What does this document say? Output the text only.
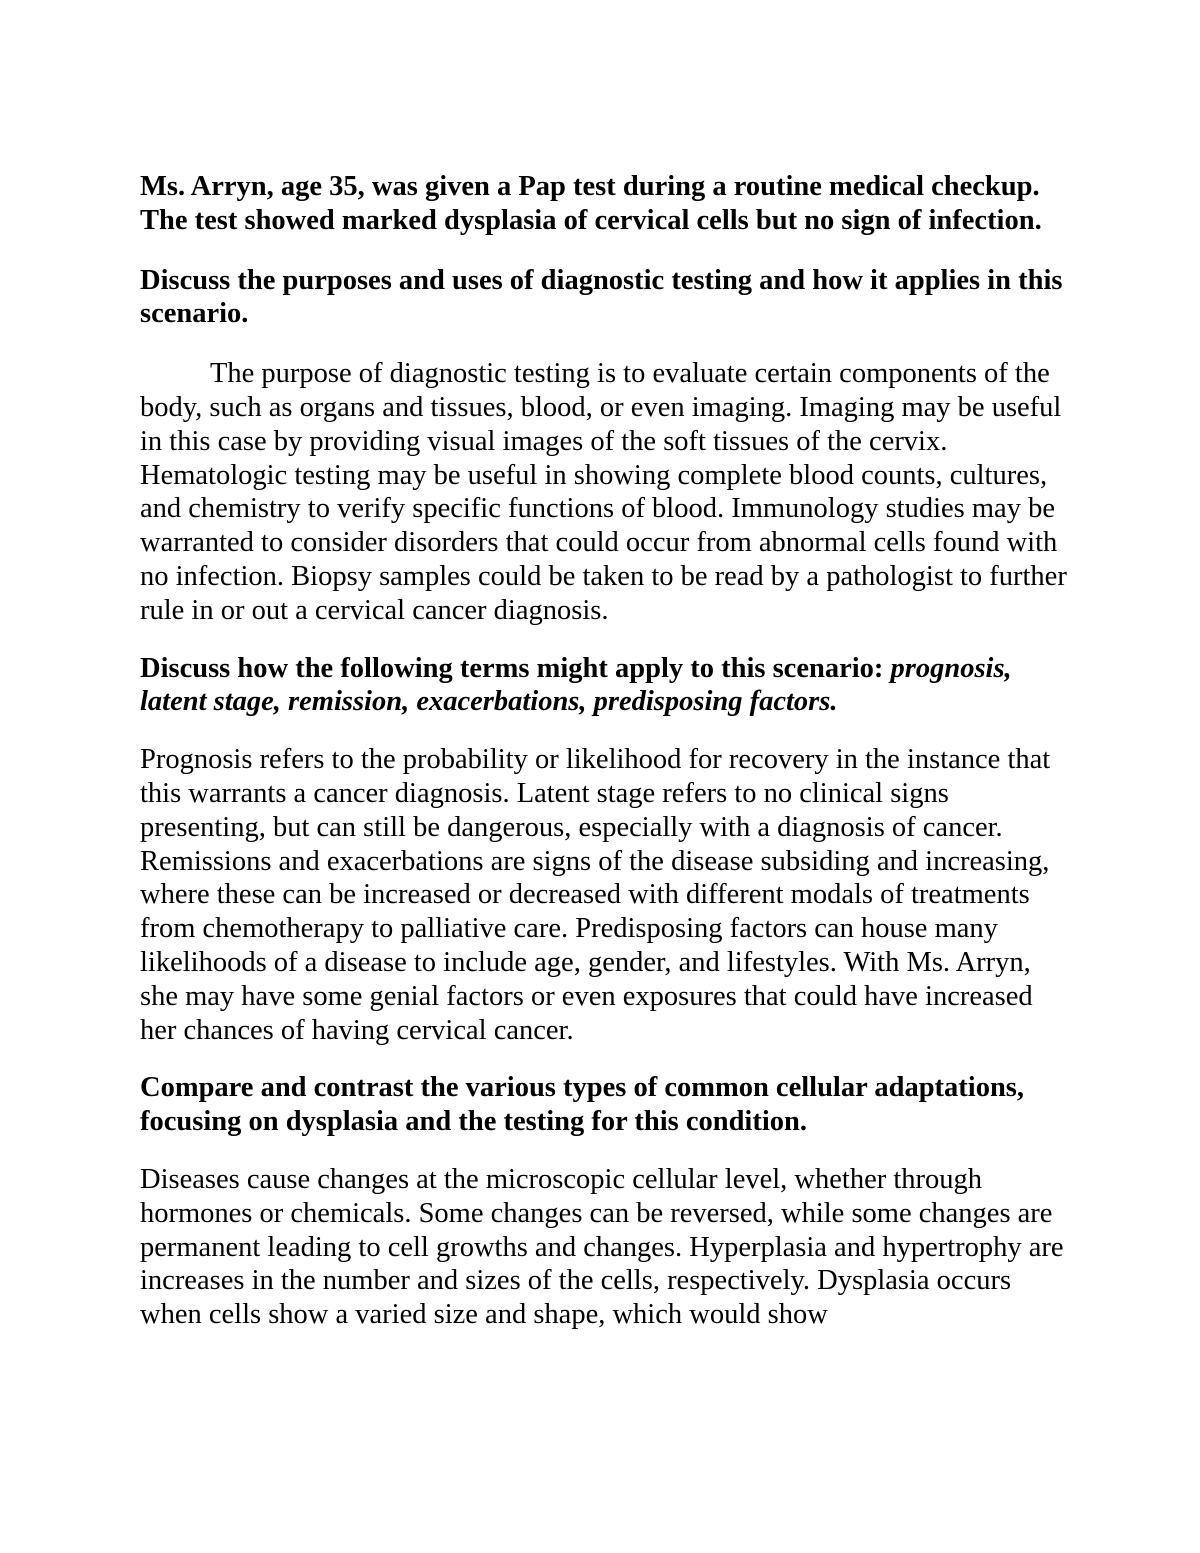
Ms. Arryn, age 35, was given a Pap test during a routine medical checkup. The test showed marked dysplasia of cervical cells but no sign of infection.

Discuss the purposes and uses of diagnostic testing and how it applies in this scenario.

The purpose of diagnostic testing is to evaluate certain components of the body, such as organs and tissues, blood, or even imaging. Imaging may be useful in this case by providing visual images of the soft tissues of the cervix. Hematologic testing may be useful in showing complete blood counts, cultures, and chemistry to verify specific functions of blood. Immunology studies may be warranted to consider disorders that could occur from abnormal cells found with no infection. Biopsy samples could be taken to be read by a pathologist to further rule in or out a cervical cancer diagnosis.

Discuss how the following terms might apply to this scenario: prognosis, latent stage, remission, exacerbations, predisposing factors.

Prognosis refers to the probability or likelihood for recovery in the instance that this warrants a cancer diagnosis. Latent stage refers to no clinical signs presenting, but can still be dangerous, especially with a diagnosis of cancer. Remissions and exacerbations are signs of the disease subsiding and increasing, where these can be increased or decreased with different modals of treatments from chemotherapy to palliative care. Predisposing factors can house many likelihoods of a disease to include age, gender, and lifestyles. With Ms. Arryn, she may have some genial factors or even exposures that could have increased her chances of having cervical cancer.

Compare and contrast the various types of common cellular adaptations, focusing on dysplasia and the testing for this condition.

Diseases cause changes at the microscopic cellular level, whether through hormones or chemicals. Some changes can be reversed, while some changes are permanent leading to cell growths and changes. Hyperplasia and hypertrophy are increases in the number and sizes of the cells, respectively. Dysplasia occurs when cells show a varied size and shape, which would show
